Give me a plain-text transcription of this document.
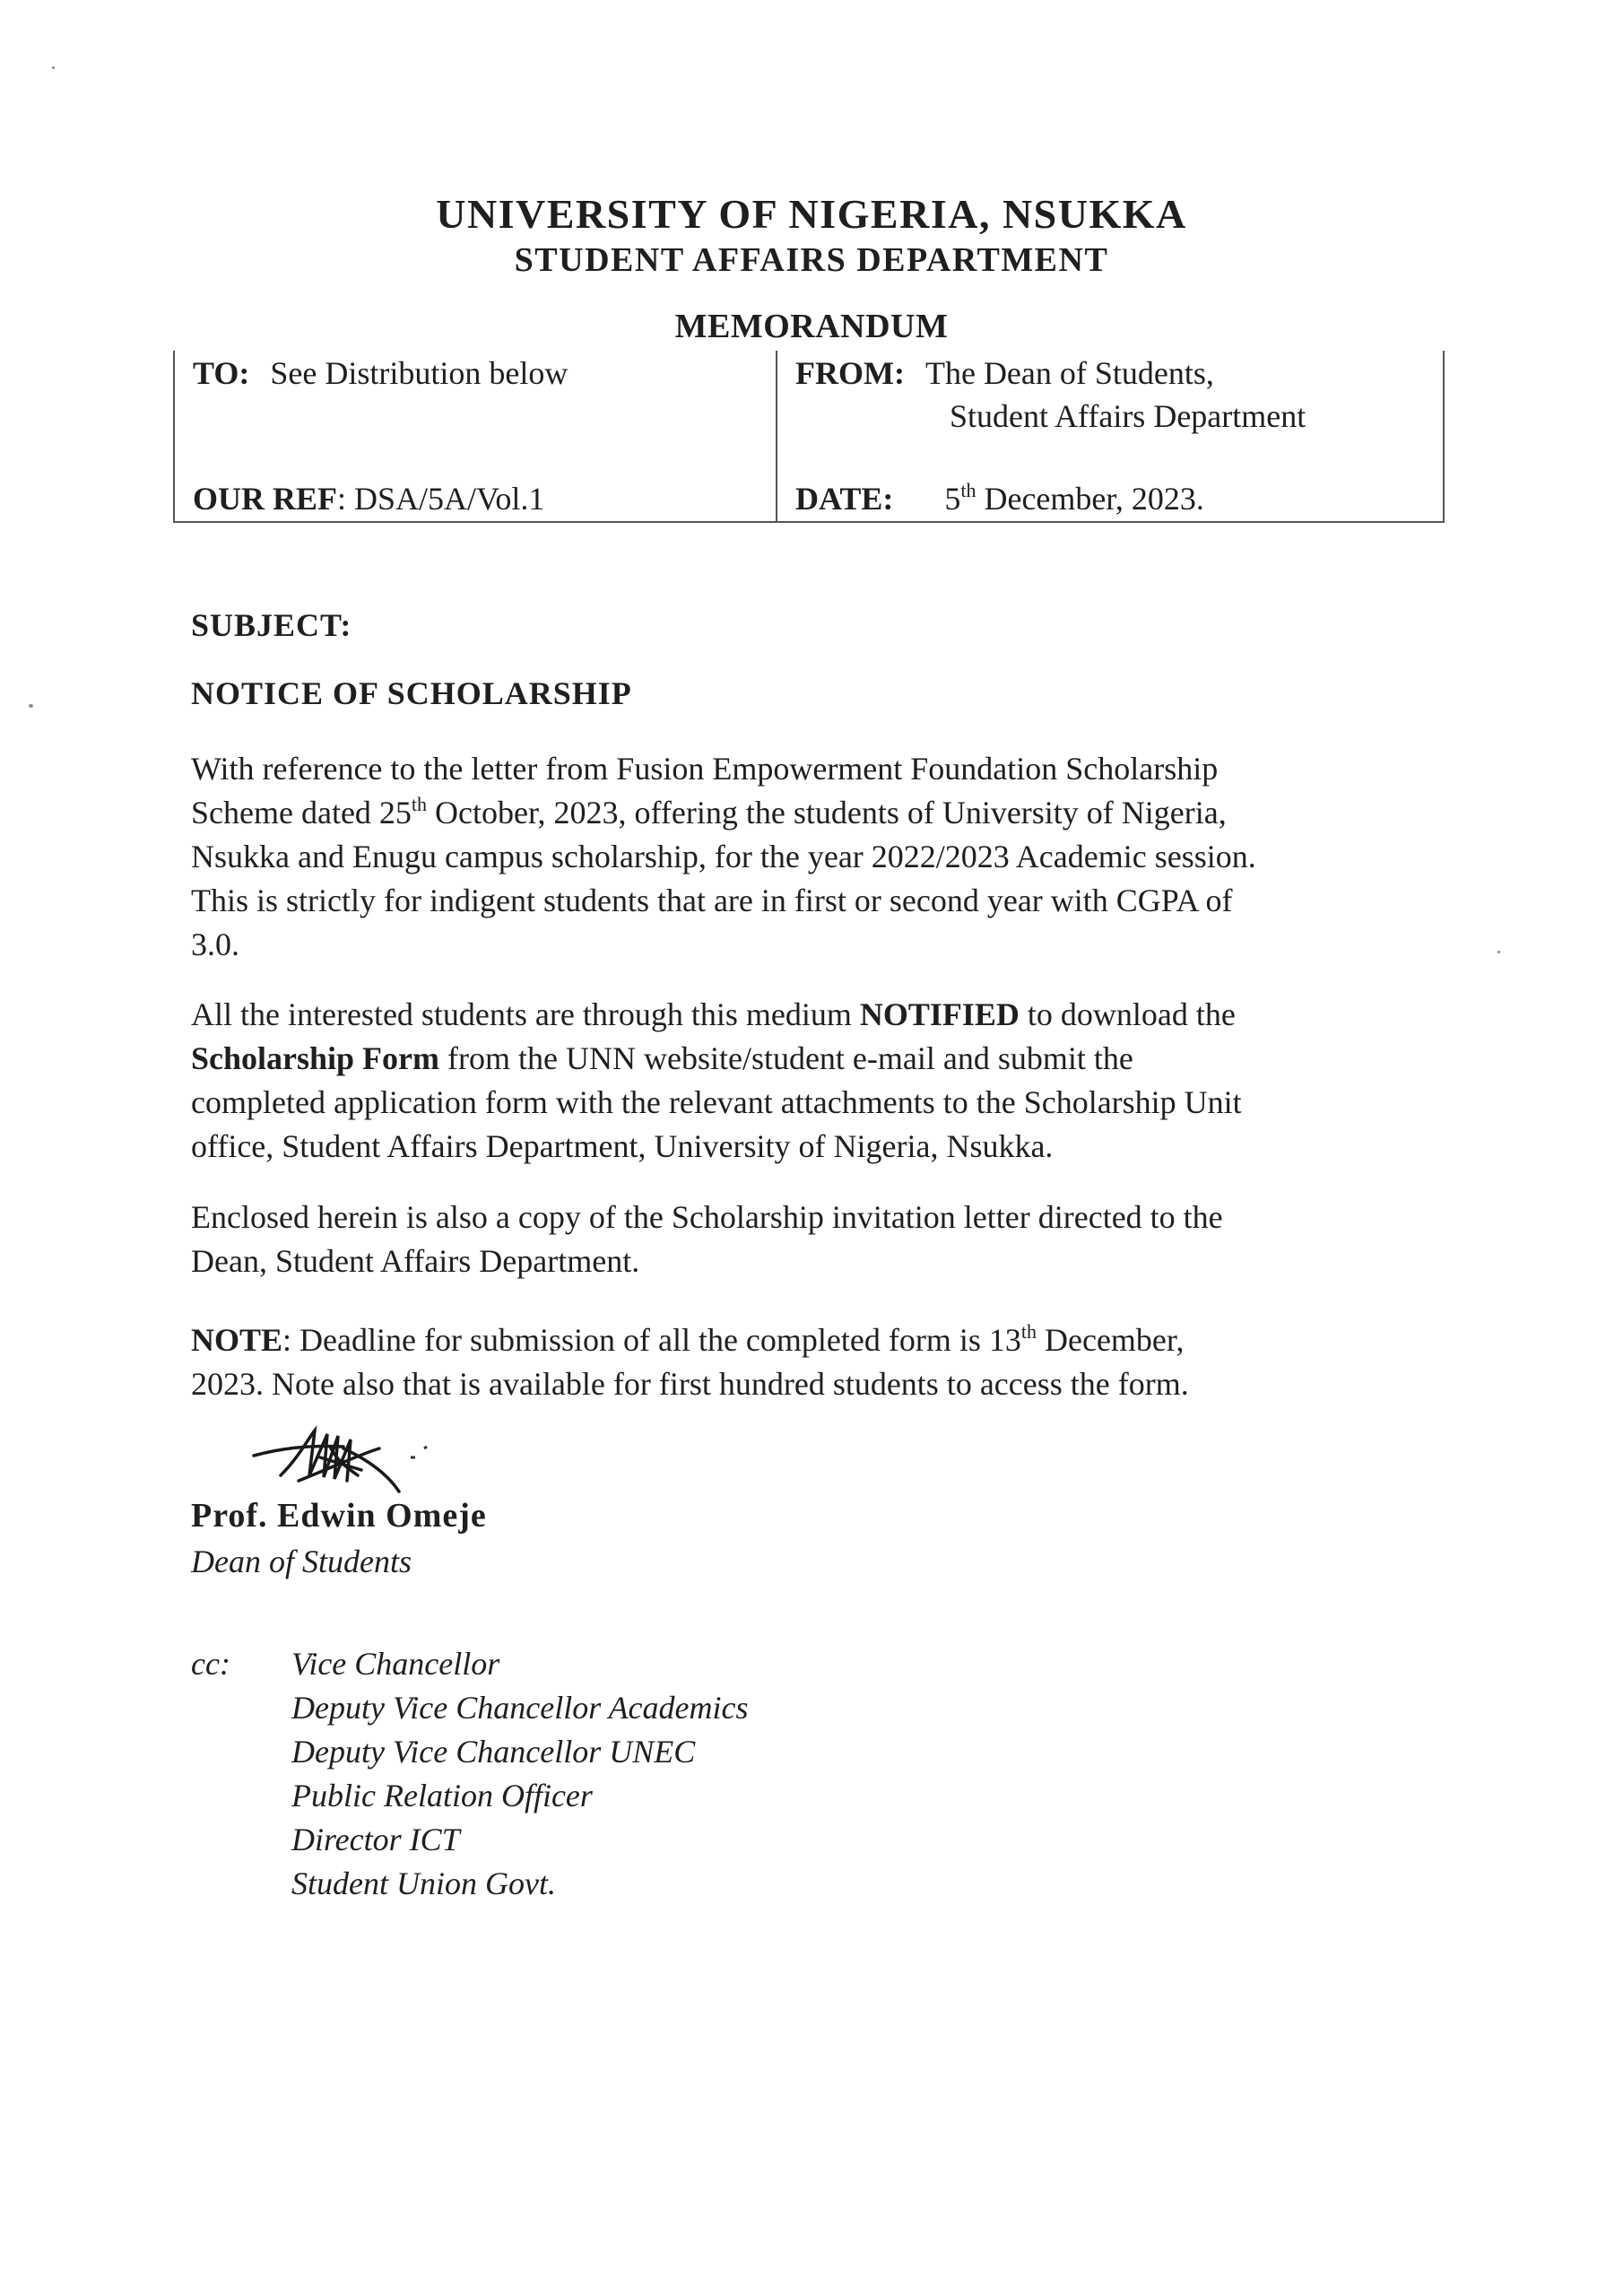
UNIVERSITY OF NIGERIA, NSUKKA
STUDENT AFFAIRS DEPARTMENT
MEMORANDUM
TO: See Distribution below	FROM: The Dean of Students,
Student Affairs Department
OUR REF: DSA/5A/Vol.1	DATE: 5th December, 2023.
SUBJECT:
NOTICE OF SCHOLARSHIP
With reference to the letter from Fusion Empowerment Foundation Scholarship
Scheme dated 25th October, 2023, offering the students of University of Nigeria,
Nsukka and Enugu campus scholarship, for the year 2022/2023 Academic session.
This is strictly for indigent students that are in first or second year with CGPA of
3.0.
All the interested students are through this medium NOTIFIED to download the
Scholarship Form from the UNN website/student e-mail and submit the
completed application form with the relevant attachments to the Scholarship Unit
office, Student Affairs Department, University of Nigeria, Nsukka.
Enclosed herein is also a copy of the Scholarship invitation letter directed to the
Dean, Student Affairs Department.
NOTE: Deadline for submission of all the completed form is 13th December,
2023. Note also that is available for first hundred students to access the form.
Prof. Edwin Omeje
Dean of Students
cc: Vice Chancellor
Deputy Vice Chancellor Academics
Deputy Vice Chancellor UNEC
Public Relation Officer
Director ICT
Student Union Govt.
